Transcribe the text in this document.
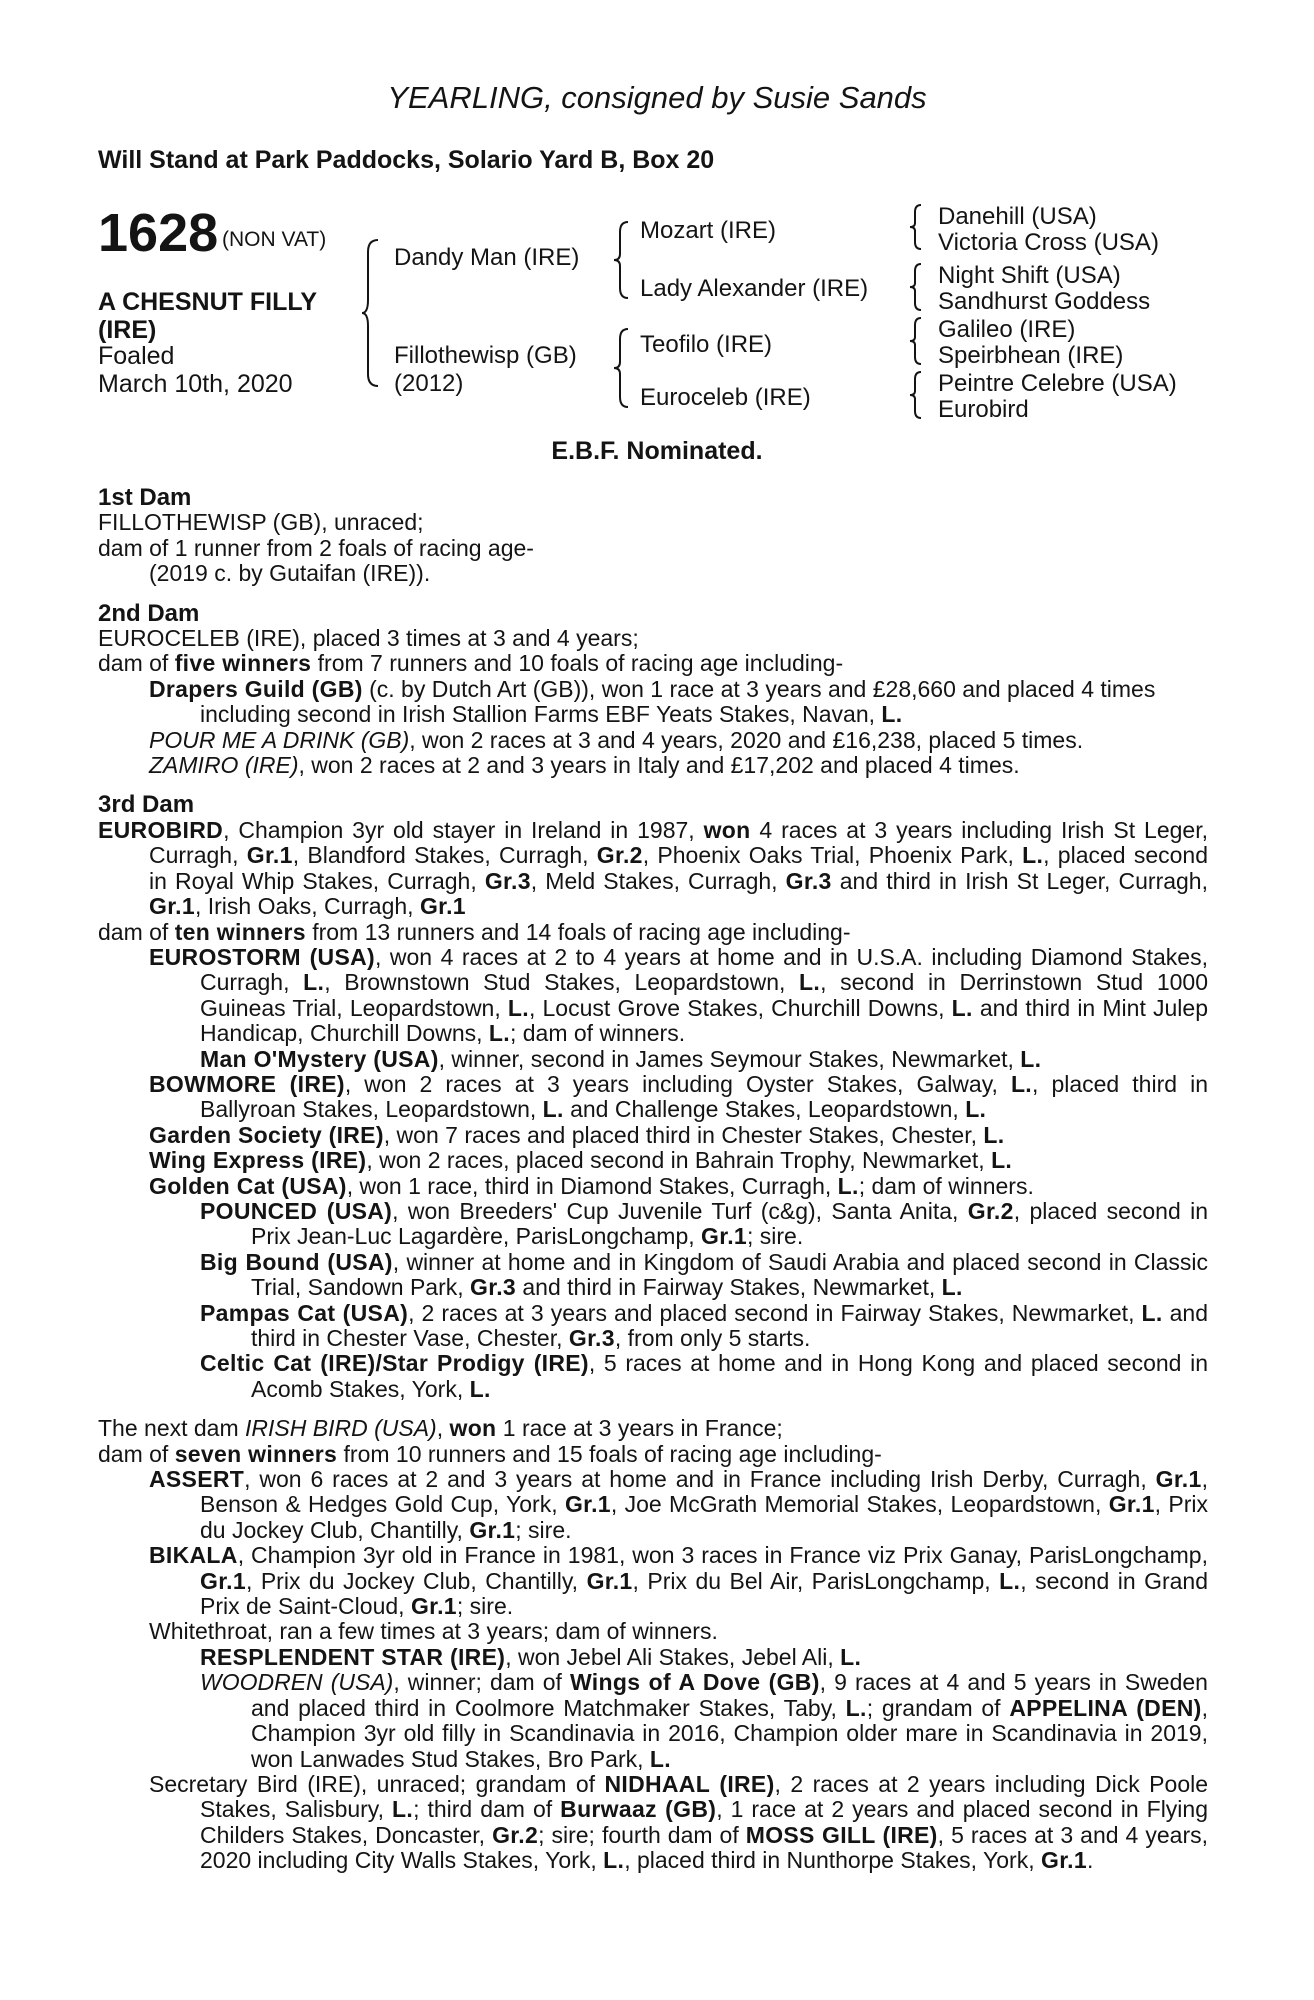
YEARLING, consigned by Susie Sands
Will Stand at Park Paddocks, Solario Yard B, Box 20
1628 (NON VAT)
A CHESNUT FILLY
(IRE)
Foaled
March 10th, 2020
Dandy Man (IRE)
Fillothewisp (GB)
(2012)
Mozart (IRE)
Lady Alexander (IRE)
Teofilo (IRE)
Euroceleb (IRE)
Danehill (USA)
Victoria Cross (USA)
Night Shift (USA)
Sandhurst Goddess
Galileo (IRE)
Speirbhean (IRE)
Peintre Celebre (USA)
Eurobird
E.B.F. Nominated.
1st Dam
FILLOTHEWISP (GB), unraced;
dam of 1 runner from 2 foals of racing age-
(2019 c. by Gutaifan (IRE)).
2nd Dam
EUROCELEB (IRE), placed 3 times at 3 and 4 years;
dam of five winners from 7 runners and 10 foals of racing age including-
Drapers Guild (GB) (c. by Dutch Art (GB)), won 1 race at 3 years and £28,660 and placed 4 times including second in Irish Stallion Farms EBF Yeats Stakes, Navan, L.
POUR ME A DRINK (GB), won 2 races at 3 and 4 years, 2020 and £16,238, placed 5 times.
ZAMIRO (IRE), won 2 races at 2 and 3 years in Italy and £17,202 and placed 4 times.
3rd Dam
EUROBIRD, Champion 3yr old stayer in Ireland in 1987, won 4 races at 3 years including Irish St Leger, Curragh, Gr.1, Blandford Stakes, Curragh, Gr.2, Phoenix Oaks Trial, Phoenix Park, L., placed second in Royal Whip Stakes, Curragh, Gr.3, Meld Stakes, Curragh, Gr.3 and third in Irish St Leger, Curragh, Gr.1, Irish Oaks, Curragh, Gr.1
dam of ten winners from 13 runners and 14 foals of racing age including-
EUROSTORM (USA), won 4 races at 2 to 4 years at home and in U.S.A. including Diamond Stakes, Curragh, L., Brownstown Stud Stakes, Leopardstown, L., second in Derrinstown Stud 1000 Guineas Trial, Leopardstown, L., Locust Grove Stakes, Churchill Downs, L. and third in Mint Julep Handicap, Churchill Downs, L.; dam of winners.
Man O'Mystery (USA), winner, second in James Seymour Stakes, Newmarket, L.
BOWMORE (IRE), won 2 races at 3 years including Oyster Stakes, Galway, L., placed third in Ballyroan Stakes, Leopardstown, L. and Challenge Stakes, Leopardstown, L.
Garden Society (IRE), won 7 races and placed third in Chester Stakes, Chester, L.
Wing Express (IRE), won 2 races, placed second in Bahrain Trophy, Newmarket, L.
Golden Cat (USA), won 1 race, third in Diamond Stakes, Curragh, L.; dam of winners.
POUNCED (USA), won Breeders' Cup Juvenile Turf (c&g), Santa Anita, Gr.2, placed second in Prix Jean-Luc Lagardère, ParisLongchamp, Gr.1; sire.
Big Bound (USA), winner at home and in Kingdom of Saudi Arabia and placed second in Classic Trial, Sandown Park, Gr.3 and third in Fairway Stakes, Newmarket, L.
Pampas Cat (USA), 2 races at 3 years and placed second in Fairway Stakes, Newmarket, L. and third in Chester Vase, Chester, Gr.3, from only 5 starts.
Celtic Cat (IRE)/Star Prodigy (IRE), 5 races at home and in Hong Kong and placed second in Acomb Stakes, York, L.
The next dam IRISH BIRD (USA), won 1 race at 3 years in France;
dam of seven winners from 10 runners and 15 foals of racing age including-
ASSERT, won 6 races at 2 and 3 years at home and in France including Irish Derby, Curragh, Gr.1, Benson & Hedges Gold Cup, York, Gr.1, Joe McGrath Memorial Stakes, Leopardstown, Gr.1, Prix du Jockey Club, Chantilly, Gr.1; sire.
BIKALA, Champion 3yr old in France in 1981, won 3 races in France viz Prix Ganay, ParisLongchamp, Gr.1, Prix du Jockey Club, Chantilly, Gr.1, Prix du Bel Air, ParisLongchamp, L., second in Grand Prix de Saint-Cloud, Gr.1; sire.
Whitethroat, ran a few times at 3 years; dam of winners.
RESPLENDENT STAR (IRE), won Jebel Ali Stakes, Jebel Ali, L.
WOODREN (USA), winner; dam of Wings of A Dove (GB), 9 races at 4 and 5 years in Sweden and placed third in Coolmore Matchmaker Stakes, Taby, L.; grandam of APPELINA (DEN), Champion 3yr old filly in Scandinavia in 2016, Champion older mare in Scandinavia in 2019, won Lanwades Stud Stakes, Bro Park, L.
Secretary Bird (IRE), unraced; grandam of NIDHAAL (IRE), 2 races at 2 years including Dick Poole Stakes, Salisbury, L.; third dam of Burwaaz (GB), 1 race at 2 years and placed second in Flying Childers Stakes, Doncaster, Gr.2; sire; fourth dam of MOSS GILL (IRE), 5 races at 3 and 4 years, 2020 including City Walls Stakes, York, L., placed third in Nunthorpe Stakes, York, Gr.1.
